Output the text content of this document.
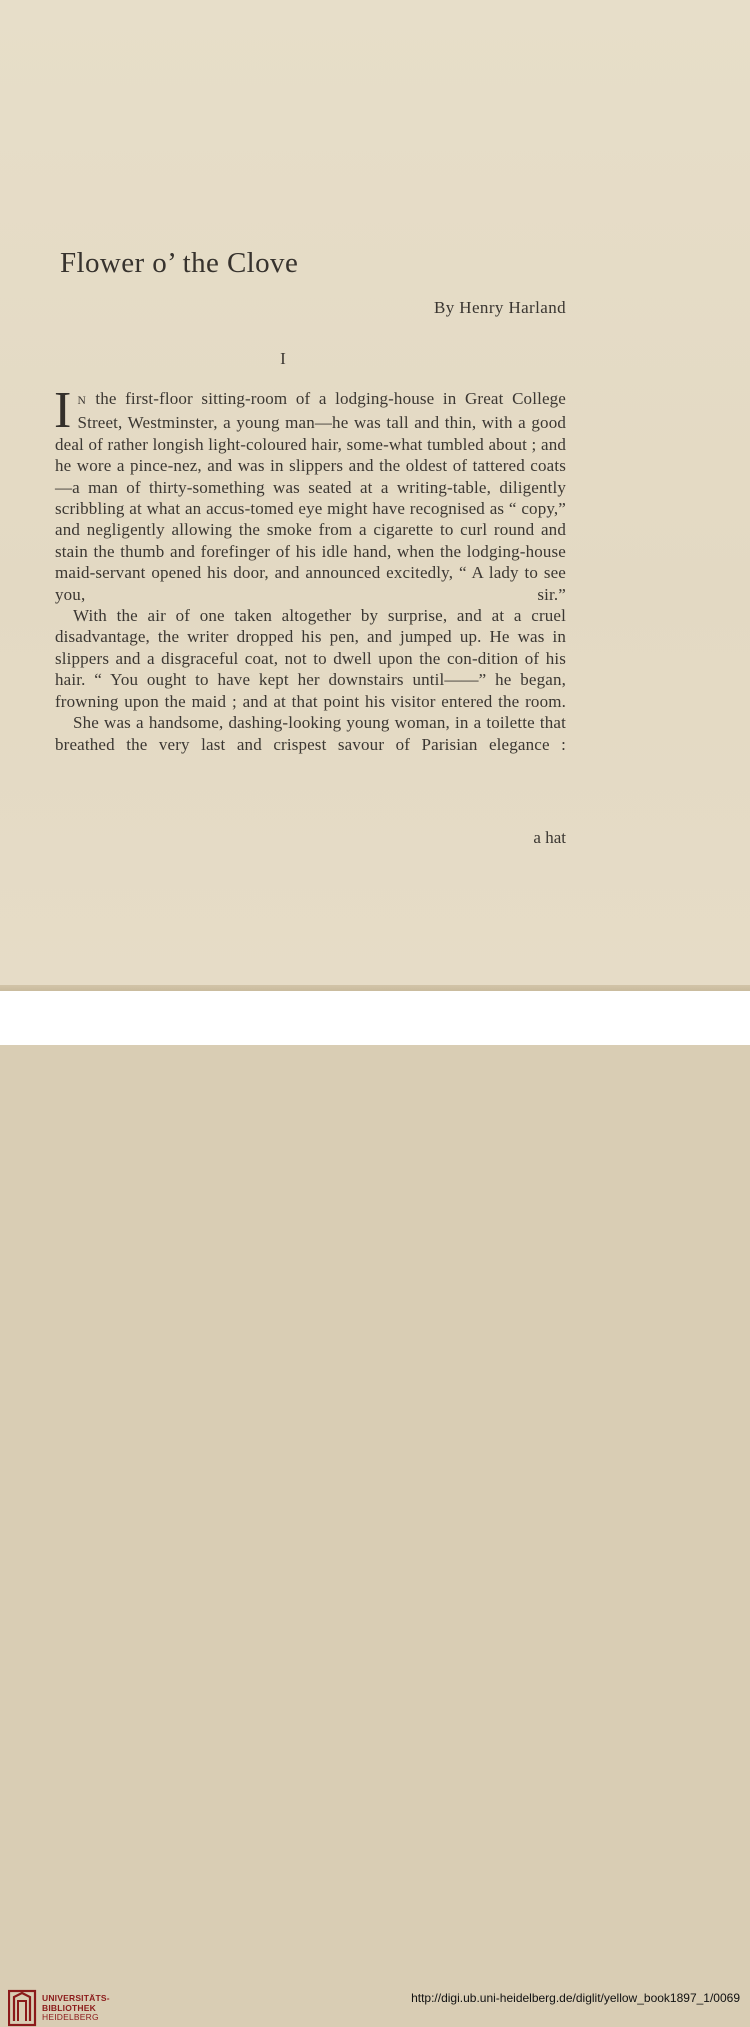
Flower o’ the Clove
By Henry Harland
I

IN the first-floor sitting-room of a lodging-house in Great College Street, Westminster, a young man—he was tall and thin, with a good deal of rather longish light-coloured hair, some-what tumbled about ; and he wore a pince-nez, and was in slippers and the oldest of tattered coats—a man of thirty-something was seated at a writing-table, diligently scribbling at what an accus-tomed eye might have recognised as “ copy,” and negligently allowing the smoke from a cigarette to curl round and stain the thumb and forefinger of his idle hand, when the lodging-house maid-servant opened his door, and announced excitedly, “ A lady to see you, sir.”

With the air of one taken altogether by surprise, and at a cruel disadvantage, the writer dropped his pen, and jumped up. He was in slippers and a disgraceful coat, not to dwell upon the con-dition of his hair. “ You ought to have kept her downstairs until——” he began, frowning upon the maid ; and at that point his visitor entered the room.

She was a handsome, dashing-looking young woman, in a toilette that breathed the very last and crispest savour of Parisian elegance :

a hat
UNIVERSITÄTS-
BIBLIOTHEK
HEIDELBERG
http://digi.ub.uni-heidelberg.de/diglit/yellow_book1897_1/0069
